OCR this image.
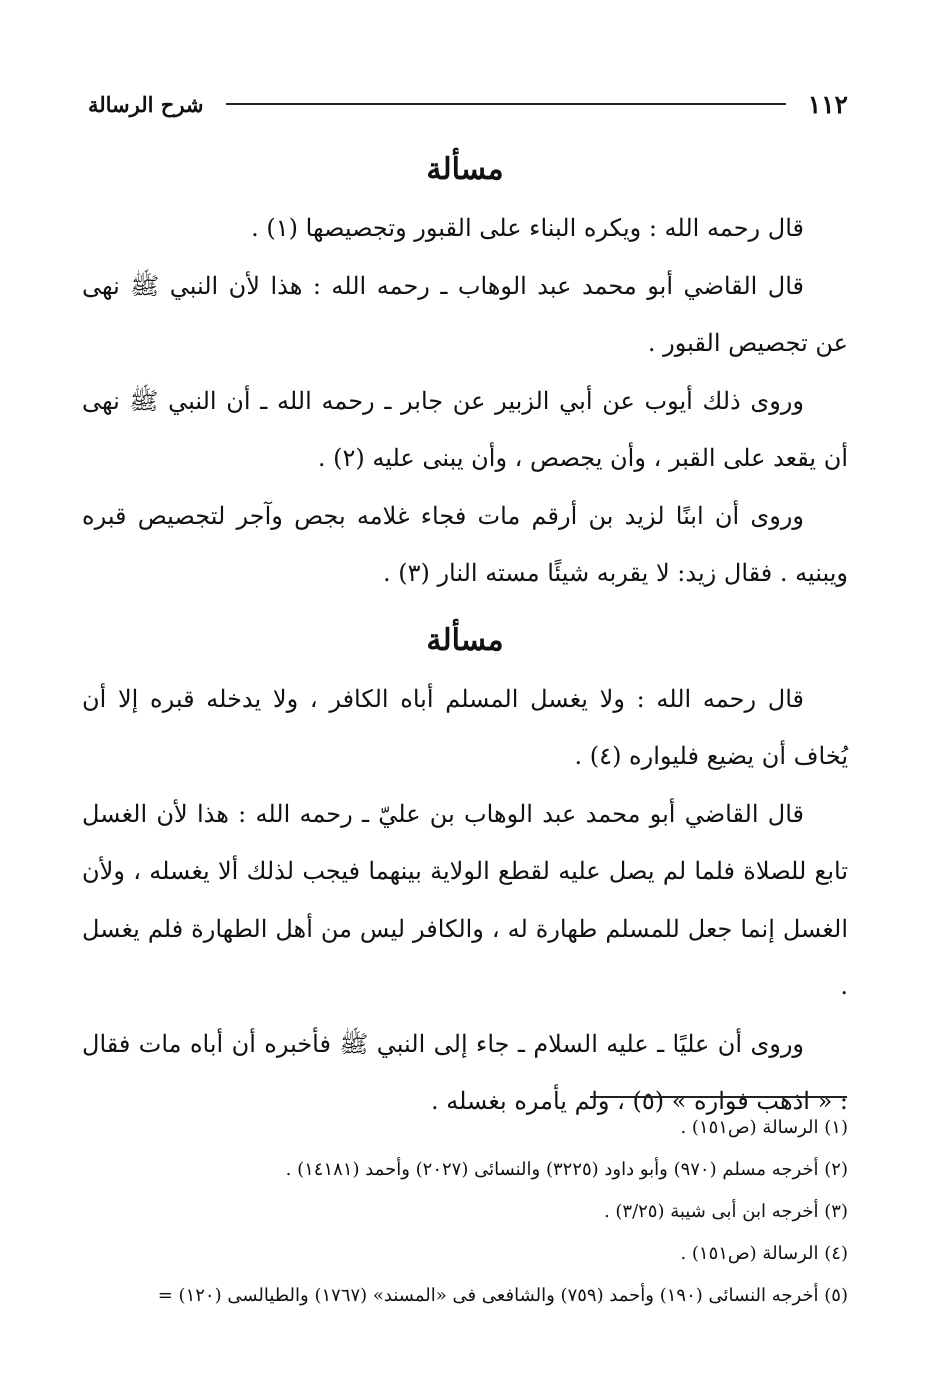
١١٢
شرح الرسالة
مسألة

قال رحمه الله : ويكره البناء على القبور وتجصيصها (١) .

قال القاضي أبو محمد عبد الوهاب ـ رحمه الله : هذا لأن النبي ﷺ نهى عن تجصيص القبور .

وروى ذلك أيوب عن أبي الزبير عن جابر ـ رحمه الله ـ أن النبي ﷺ نهى أن يقعد على القبر ، وأن يجصص ، وأن يبنى عليه (٢) .

وروى أن ابنًا لزيد بن أرقم مات فجاء غلامه بجص وآجر لتجصيص قبره ويبنيه . فقال زيد: لا يقربه شيئًا مسته النار (٣) .

مسألة

قال رحمه الله : ولا يغسل المسلم أباه الكافر ، ولا يدخله قبره إلا أن يُخاف أن يضيع فليواره (٤) .

قال القاضي أبو محمد عبد الوهاب بن عليّ ـ رحمه الله : هذا لأن الغسل تابع للصلاة فلما لم يصل عليه لقطع الولاية بينهما فيجب لذلك ألا يغسله ، ولأن الغسل إنما جعل للمسلم طهارة له ، والكافر ليس من أهل الطهارة فلم يغسل .

وروى أن عليًا ـ عليه السلام ـ جاء إلى النبي ﷺ فأخبره أن أباه مات فقال : « اذهب فواره » (٥) ، ولم يأمره بغسله .

(١) الرسالة (ص١٥١) .

(٢) أخرجه مسلم (٩٧٠) وأبو داود (٣٢٢٥) والنسائى (٢٠٢٧) وأحمد (١٤١٨١) .

(٣) أخرجه ابن أبى شيبة (٣/٢٥) .

(٤) الرسالة (ص١٥١) .

(٥) أخرجه النسائى (١٩٠) وأحمد (٧٥٩) والشافعى فى «المسند» (١٧٦٧) والطيالسى (١٢٠) =
